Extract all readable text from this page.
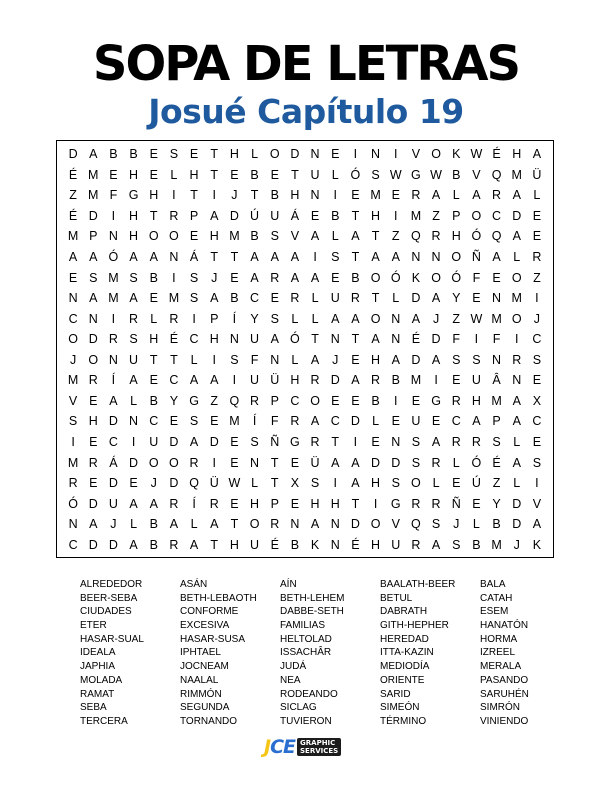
SOPA DE LETRAS
Josué Capítulo 19
D A B B E S E T H L O D N E	I	N	I	V O K W É H A
É M E H E	L H T E B E T U L Ó S W G W B V Q M Ü
Z M F G H	I	T	I	J	T B H N	I	E M E R A	L	A R A	L
É D	I	H T R P A D Ú U Á E B T H	I	M Z P O C D E
M P N H O O E H M B S V A	L	A T	Z Q R H Ó Q A E
A A Ó A A N Á T	T A A A	I	S T A A N N O Ñ A	L R
E S M S B	I	S	J	E A R A A E B O Ó K O Ó F E O Z
N A M A E M S A B C E R L U R T	L D A Y E N M	I
C N	I	R L R	I	P	Í	Y S	L	L	A A O N A	J	Z W M O J
O D R S H É C H N U A Ó T N T A N É D F	I	F	I	C
J O N U T	T	L	I	S F N L	A	J	E H A D A S S N R S
M R	Í	A E C A A	I	U Ü H R D A R B M	I	E U Â N E
V E A	L	B Y G Z Q R P C O E E B	I	E G R H M A X
S H D N C E S E M	Í	F R A C D L	E U E C A P A C
I	E C	I	U D A D E S Ñ G R T	I	E N S A R R S	L	E
M R Á D O O R	I	E N T E Ü A A D D S R L Ó É A S
R E D E	J	D Q Ü W L	T X S	I	A H S O L	E Ú Z	L	I
Ó D U A A R	Í	R E H P E H H T	I	G R R Ñ E Y D V
N A	J	L	B A	L	A T O R N A N D O V Q S	J	L	B D A
C D D A B R A T H U É B K N É H U R A S B M J	K
ALREDEDOR	ASÁN	AÍN	BAALATH-BEER	BALA
BEER-SEBA	BETH-LEBAOTH	BETH-LEHEM	BETUL	CATAH
CIUDADES	CONFORME	DABBE-SETH	DABRATH	ESEM
ETER	EXCESIVA	FAMILIAS	GITH-HEPHER	HANATÓN
HASAR-SUAL	HASAR-SUSA	HELTOLAD	HEREDAD	HORMA
IDEALA	IPHTAEL	ISSACHÂR	ITTA-KAZIN	IZREEL
JAPHIA	JOCNEAM	JUDÁ	MEDIODÍA	MERALA
MOLADA	NAALAL	NEA	ORIENTE	PASANDO
RAMAT	RIMMÓN	RODEANDO	SARID	SARUHÉN
SEBA	SEGUNDA	SICLAG	SIMEÓN	SIMRÓN
TERCERA	TORNANDO	TUVIERON	TÉRMINO	VINIENDO
J C E GRAPHIC
SERVICES
